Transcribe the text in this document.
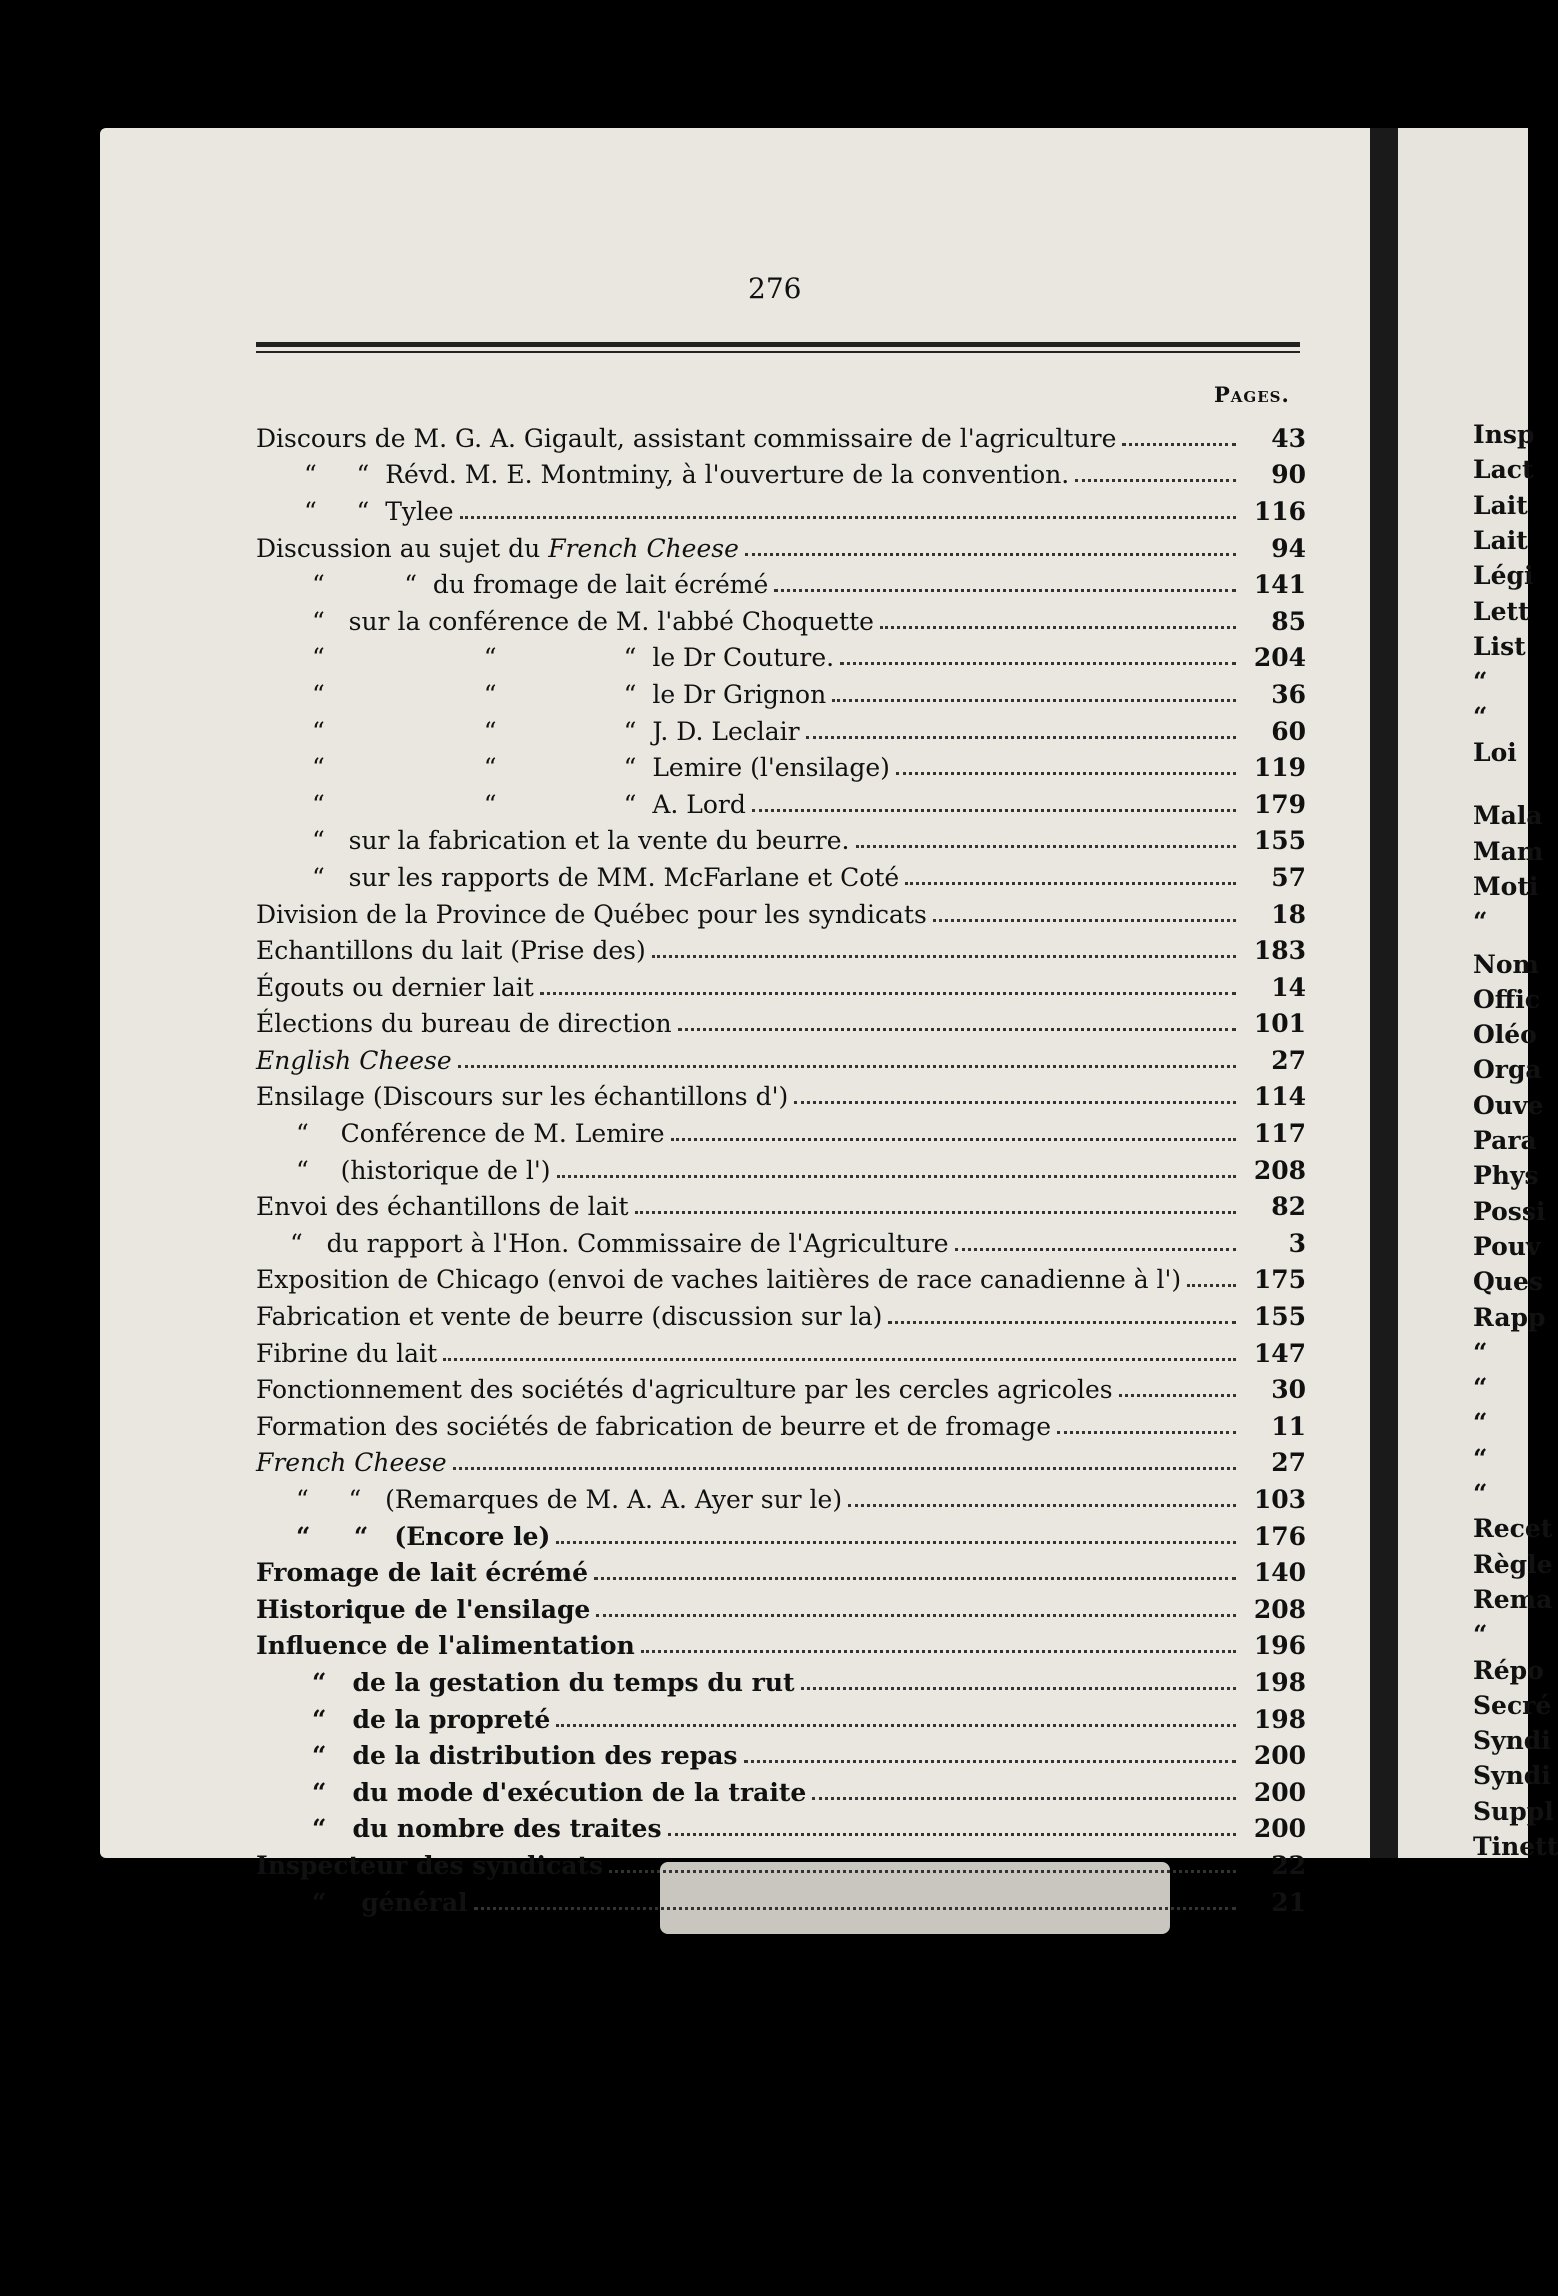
276
Pages.
Discours de M. G. A. Gigault, assistant commissaire de l'agriculture	43
“     “  Révd. M. E. Montminy, à l'ouverture de la convention.	90
“     “  Tylee	116
Discussion au sujet du French Cheese	94
“          “  du fromage de lait écrémé	141
“   sur la conférence de M. l'abbé Choquette	85
“                    “                “  le Dr Couture.	204
“                    “                “  le Dr Grignon	36
“                    “                “  J. D. Leclair	60
“                    “                “  Lemire (l'ensilage)	119
“                    “                “  A. Lord	179
“   sur la fabrication et la vente du beurre.	155
“   sur les rapports de MM. McFarlane et Coté	57
Division de la Province de Québec pour les syndicats	18
Echantillons du lait (Prise des)	183
Égouts ou dernier lait	14
Élections du bureau de direction	101
English Cheese	27
Ensilage (Discours sur les échantillons d')	114
“    Conférence de M. Lemire	117
“    (historique de l')	208
Envoi des échantillons de lait	82
“   du rapport à l'Hon. Commissaire de l'Agriculture	3
Exposition de Chicago (envoi de vaches laitières de race canadienne à l')	175
Fabrication et vente de beurre (discussion sur la)	155
Fibrine du lait	147
Fonctionnement des sociétés d'agriculture par les cercles agricoles	30
Formation des sociétés de fabrication de beurre et de fromage	11
French Cheese	27
“     “   (Remarques de M. A. A. Ayer sur le)	103
“     “   (Encore le)	176
Fromage de lait écrémé	140
Historique de l'ensilage	208
Influence de l'alimentation	196
“   de la gestation du temps du rut	198
“   de la propreté	198
“   de la distribution des repas	200
“   du mode d'exécution de la traite	200
“   du nombre des traites	200
Inspecteur des syndicats	22
“    général	21
Insp
Lact
Lait
Lait
Légi
Lett
List
“
“
Loi
Mala
Mam
Moti
“
Nom
Offic
Oléo
Orga
Ouve
Para
Phys
Possi
Pouv
Ques
Rapp
“
“
“
“
“
Recet
Règle
Rema
“
Répo
Secré
Syndi
Syndi
Suppl
Tinett
